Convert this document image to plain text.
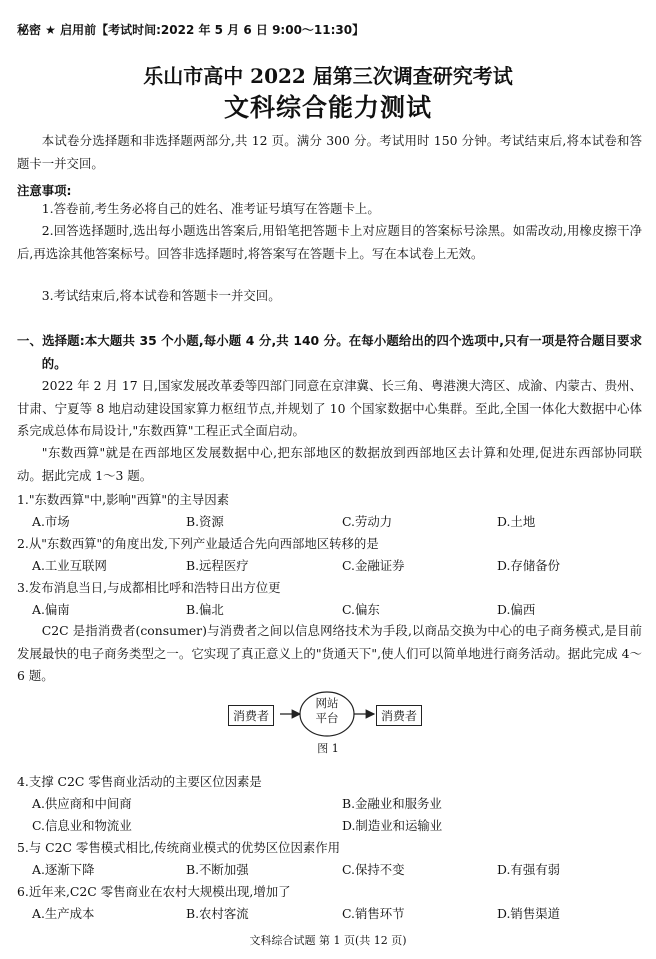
秘密 ★ 启用前【考试时间:2022 年 5 月 6 日 9:00～11:30】
乐山市高中 2022 届第三次调查研究考试
文科综合能力测试
本试卷分选择题和非选择题两部分,共 12 页。满分 300 分。考试用时 150 分钟。考试结束后,将本试卷和答题卡一并交回。
注意事项:
1.答卷前,考生务必将自己的姓名、准考证号填写在答题卡上。
2.回答选择题时,选出每小题选出答案后,用铅笔把答题卡上对应题目的答案标号涂黑。如需改动,用橡皮擦干净后,再选涂其他答案标号。回答非选择题时,将答案写在答题卡上。写在本试卷上无效。
3.考试结束后,将本试卷和答题卡一并交回。
一、选择题:本大题共 35 个小题,每小题 4 分,共 140 分。在每小题给出的四个选项中,只有一项是符合题目要求的。
2022 年 2 月 17 日,国家发展改革委等四部门同意在京津冀、长三角、粤港澳大湾区、成渝、内蒙古、贵州、甘肃、宁夏等 8 地启动建设国家算力枢纽节点,并规划了 10 个国家数据中心集群。至此,全国一体化大数据中心体系完成总体布局设计,"东数西算"工程正式全面启动。
"东数西算"就是在西部地区发展数据中心,把东部地区的数据放到西部地区去计算和处理,促进东西部协同联动。据此完成 1～3 题。
1."东数西算"中,影响"西算"的主导因素
A.市场	B.资源	C.劳动力	D.土地
2.从"东数西算"的角度出发,下列产业最适合先向西部地区转移的是
A.工业互联网	B.远程医疗	C.金融证券	D.存储备份
3.发布消息当日,与成都相比呼和浩特日出方位更
A.偏南	B.偏北	C.偏东	D.偏西
C2C 是指消费者(consumer)与消费者之间以信息网络技术为手段,以商品交换为中心的电子商务模式,是目前发展最快的电子商务类型之一。它实现了真正意义上的"货通天下",使人们可以简单地进行商务活动。据此完成 4～6 题。
消费者
网站
平台	消费者
图 1
4.支撑 C2C 零售商业活动的主要区位因素是
A.供应商和中间商	B.金融业和服务业
C.信息业和物流业	D.制造业和运输业
5.与 C2C 零售模式相比,传统商业模式的优势区位因素作用
A.逐渐下降	B.不断加强	C.保持不变	D.有强有弱
6.近年来,C2C 零售商业在农村大规模出现,增加了
A.生产成本	B.农村客流	C.销售环节	D.销售渠道
文科综合试题 第 1 页(共 12 页)
